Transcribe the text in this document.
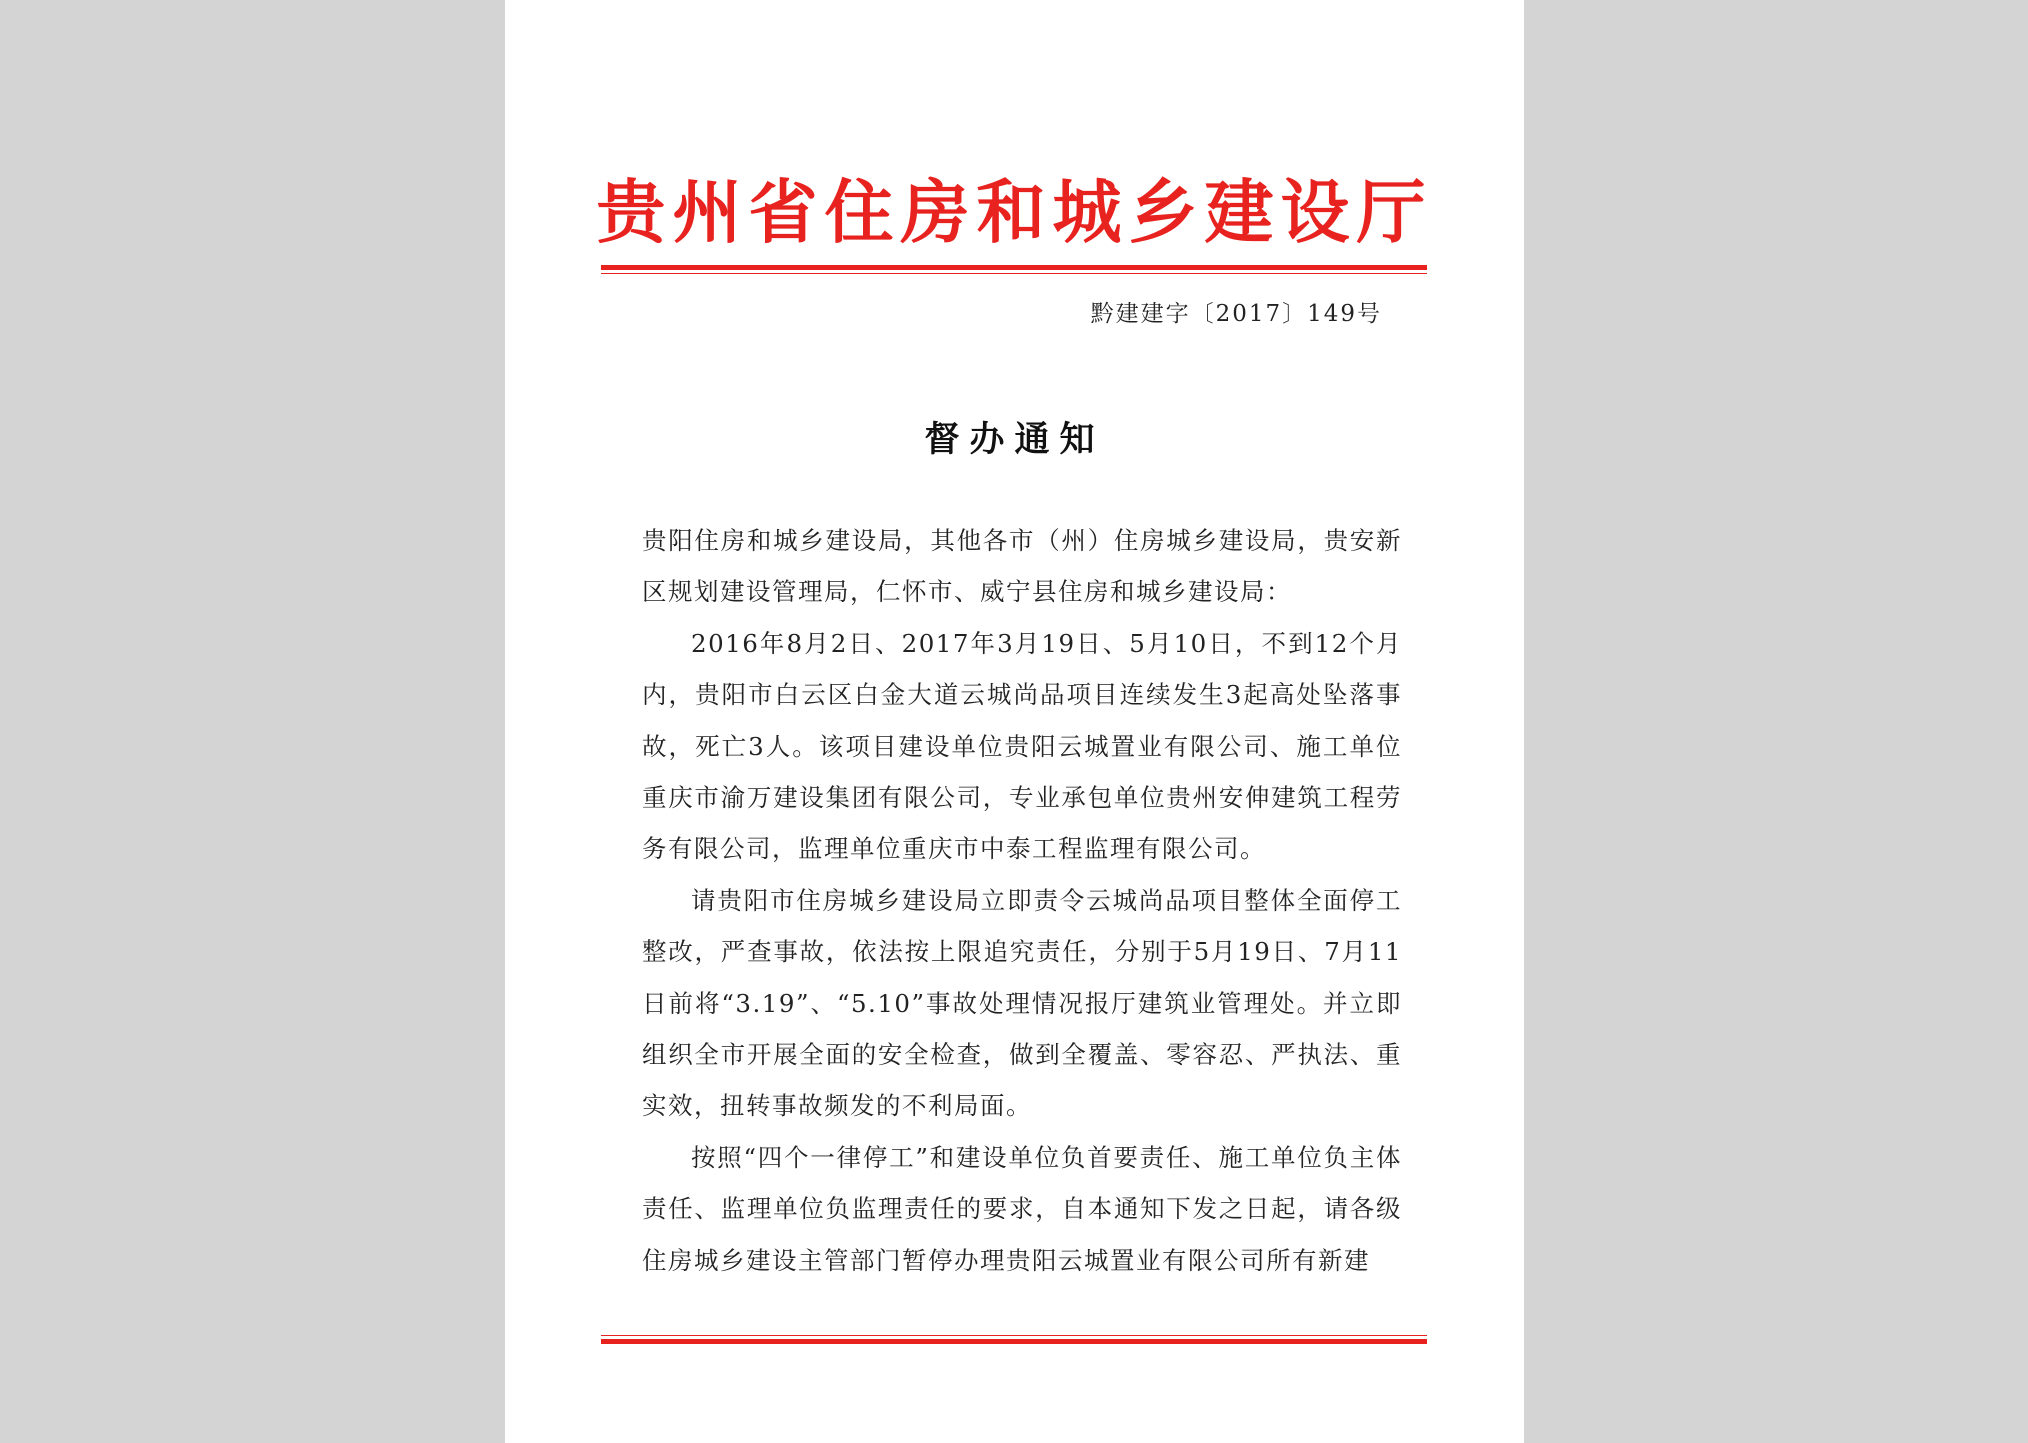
贵州省住房和城乡建设厅
黔建建字〔2017〕149号
督办通知

贵阳住房和城乡建设局，其他各市（州）住房城乡建设局，贵安新区规划建设管理局，仁怀市、威宁县住房和城乡建设局：

2016年8月2日、2017年3月19日、5月10日，不到12个月内，贵阳市白云区白金大道云城尚品项目连续发生3起高处坠落事故，死亡3人。该项目建设单位贵阳云城置业有限公司、施工单位重庆市渝万建设集团有限公司，专业承包单位贵州安伸建筑工程劳务有限公司，监理单位重庆市中泰工程监理有限公司。

请贵阳市住房城乡建设局立即责令云城尚品项目整体全面停工整改，严查事故，依法按上限追究责任，分别于5月19日、7月11日前将“3.19”、“5.10”事故处理情况报厅建筑业管理处。并立即组织全市开展全面的安全检查，做到全覆盖、零容忍、严执法、重实效，扭转事故频发的不利局面。

按照“四个一律停工”和建设单位负首要责任、施工单位负主体责任、监理单位负监理责任的要求，自本通知下发之日起，请各级住房城乡建设主管部门暂停办理贵阳云城置业有限公司所有新建
